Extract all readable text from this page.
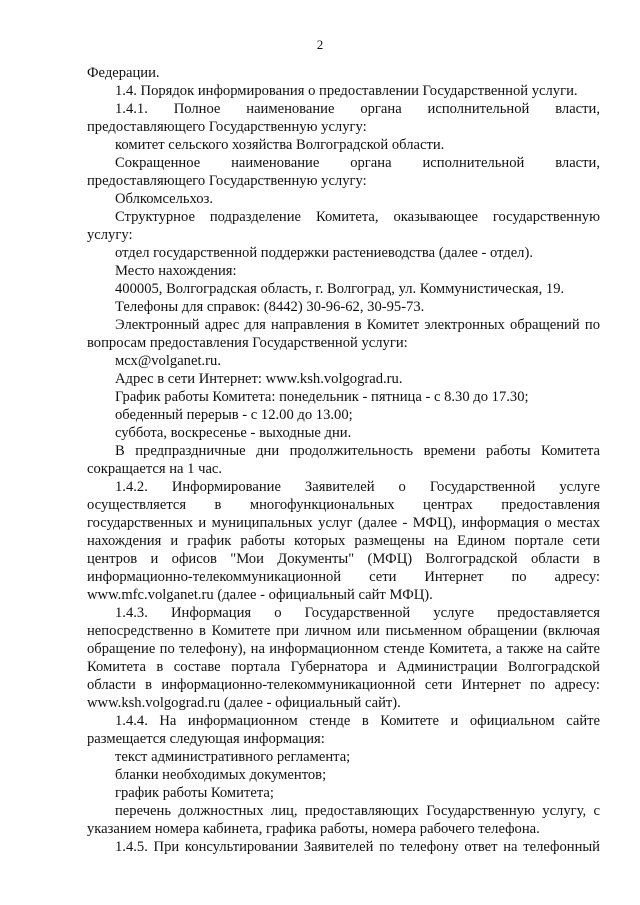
2

Федерации.

1.4. Порядок информирования о предоставлении Государственной услуги.

1.4.1. Полное наименование органа исполнительной власти, предоставляющего Государственную услугу:

комитет сельского хозяйства Волгоградской области.

Сокращенное наименование органа исполнительной власти, предоставляющего Государственную услугу:

Облкомсельхоз.

Структурное подразделение Комитета, оказывающее государственную услугу:

отдел государственной поддержки растениеводства (далее - отдел).

Место нахождения:

400005, Волгоградская область, г. Волгоград, ул. Коммунистическая, 19.

Телефоны для справок: (8442) 30-96-62, 30-95-73.

Электронный адрес для направления в Комитет электронных обращений по вопросам предоставления Государственной услуги:

мсх@volganet.ru.

Адрес в сети Интернет: www.ksh.volgograd.ru.

График работы Комитета: понедельник - пятница - с 8.30 до 17.30;

обеденный перерыв - с 12.00 до 13.00;

суббота, воскресенье - выходные дни.

В предпраздничные дни продолжительность времени работы Комитета сокращается на 1 час.

1.4.2. Информирование Заявителей о Государственной услуге осуществляется в многофункциональных центрах предоставления государственных и муниципальных услуг (далее - МФЦ), информация о местах нахождения и график работы которых размещены на Едином портале сети центров и офисов "Мои Документы" (МФЦ) Волгоградской области в информационно-телекоммуникационной сети Интернет по адресу: www.mfc.volganet.ru (далее - официальный сайт МФЦ).

1.4.3. Информация о Государственной услуге предоставляется непосредственно в Комитете при личном или письменном обращении (включая обращение по телефону), на информационном стенде Комитета, а также на сайте Комитета в составе портала Губернатора и Администрации Волгоградской области в информационно-телекоммуникационной сети Интернет по адресу: www.ksh.volgograd.ru (далее - официальный сайт).

1.4.4. На информационном стенде в Комитете и официальном сайте размещается следующая информация:

текст административного регламента;

бланки необходимых документов;

график работы Комитета;

перечень должностных лиц, предоставляющих Государственную услугу, с указанием номера кабинета, графика работы, номера рабочего телефона.

1.4.5. При консультировании Заявителей по телефону ответ на телефонный
